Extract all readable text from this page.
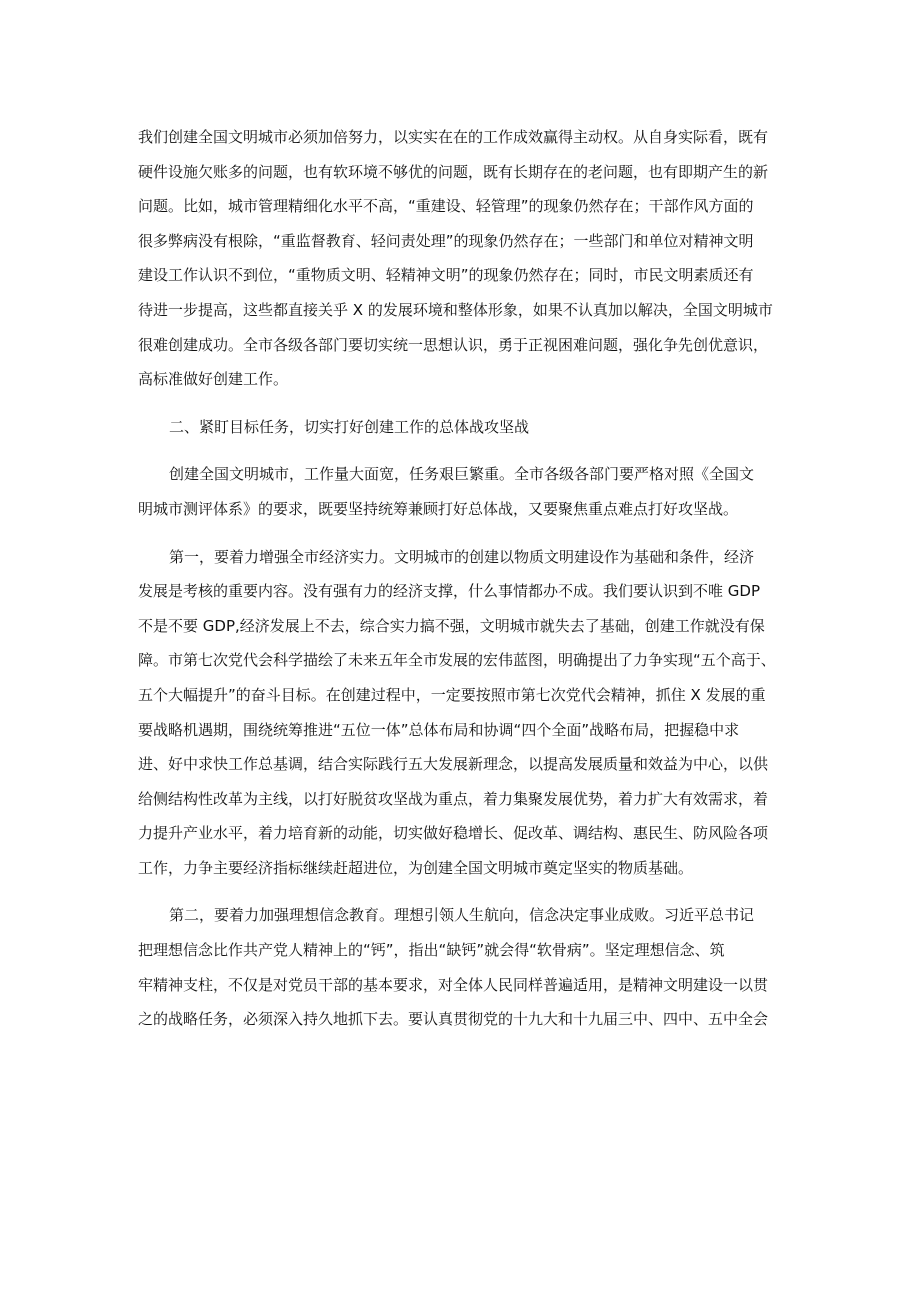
我们创建全国文明城市必须加倍努力，以实实在在的工作成效赢得主动权。从自身实际看，既有
硬件设施欠账多的问题，也有软环境不够优的问题，既有长期存在的老问题，也有即期产生的新
问题。比如，城市管理精细化水平不高，“重建设、轻管理”的现象仍然存在；干部作风方面的
很多弊病没有根除，“重监督教育、轻问责处理”的现象仍然存在；一些部门和单位对精神文明
建设工作认识不到位，“重物质文明、轻精神文明”的现象仍然存在；同时，市民文明素质还有
待进一步提高，这些都直接关乎 X 的发展环境和整体形象，如果不认真加以解决，全国文明城市
很难创建成功。全市各级各部门要切实统一思想认识，勇于正视困难问题，强化争先创优意识，
高标准做好创建工作。
二、紧盯目标任务，切实打好创建工作的总体战攻坚战
创建全国文明城市，工作量大面宽，任务艰巨繁重。全市各级各部门要严格对照《全国文
明城市测评体系》的要求，既要坚持统筹兼顾打好总体战，又要聚焦重点难点打好攻坚战。
第一，要着力增强全市经济实力。文明城市的创建以物质文明建设作为基础和条件，经济
发展是考核的重要内容。没有强有力的经济支撑，什么事情都办不成。我们要认识到不唯 GDP
不是不要 GDP,经济发展上不去，综合实力搞不强，文明城市就失去了基础，创建工作就没有保
障。市第七次党代会科学描绘了未来五年全市发展的宏伟蓝图，明确提出了力争实现“五个高于、
五个大幅提升”的奋斗目标。在创建过程中，一定要按照市第七次党代会精神，抓住 X 发展的重
要战略机遇期，围绕统筹推进“五位一体”总体布局和协调“四个全面”战略布局，把握稳中求
进、好中求快工作总基调，结合实际践行五大发展新理念，以提高发展质量和效益为中心，以供
给侧结构性改革为主线，以打好脱贫攻坚战为重点，着力集聚发展优势，着力扩大有效需求，着
力提升产业水平，着力培育新的动能，切实做好稳增长、促改革、调结构、惠民生、防风险各项
工作，力争主要经济指标继续赶超进位，为创建全国文明城市奠定坚实的物质基础。
第二，要着力加强理想信念教育。理想引领人生航向，信念决定事业成败。习近平总书记
把理想信念比作共产党人精神上的“钙”，指出“缺钙”就会得“软骨病”。坚定理想信念、筑
牢精神支柱，不仅是对党员干部的基本要求，对全体人民同样普遍适用，是精神文明建设一以贯
之的战略任务，必须深入持久地抓下去。要认真贯彻党的十九大和十九届三中、四中、五中全会
